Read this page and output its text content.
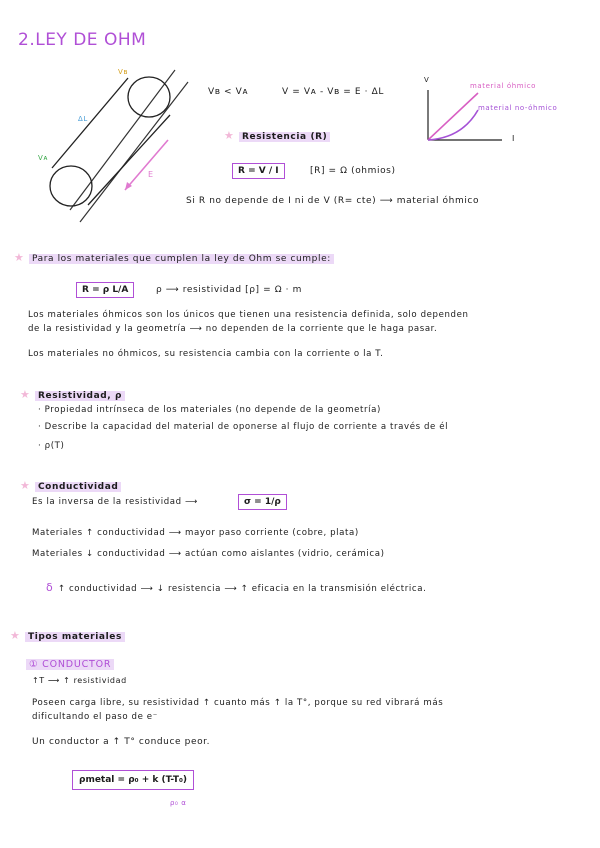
2.LEY DE OHM
Vʙ
Vᴀ
ΔL
E
Vʙ < Vᴀ	V = Vᴀ - Vʙ = E · ΔL
V
I
material óhmico
material no-óhmico
★ Resistencia (R)
R = V / I	[R] = Ω (ohmios)
Si R no depende de I ni de V (R= cte) ⟶ material óhmico
★ Para los materiales que cumplen la ley de Ohm se cumple:
R = ρ L/A	ρ ⟶ resistividad [ρ] = Ω · m
Los materiales óhmicos son los únicos que tienen una resistencia definida, solo dependen
de la resistividad y la geometría ⟶ no dependen de la corriente que le haga pasar.
Los materiales no óhmicos, su resistencia cambia con la corriente o la T.
★ Resistividad, ρ
· Propiedad intrínseca de los materiales (no depende de la geometría)
· Describe la capacidad del material de oponerse al flujo de corriente a través de él
· ρ(T)
★ Conductividad
Es la inversa de la resistividad ⟶	σ = 1/ρ
Materiales ↑ conductividad ⟶ mayor paso corriente (cobre, plata)
Materiales ↓ conductividad ⟶ actúan como aislantes (vidrio, cerámica)
δ ↑ conductividad ⟶ ↓ resistencia ⟶ ↑ eficacia en la transmisión eléctrica.
★ Tipos materiales
① CONDUCTOR
↑T ⟶ ↑ resistividad
Poseen carga libre, su resistividad ↑ cuanto más ↑ la T°, porque su red vibrará más
dificultando el paso de e⁻
Un conductor a ↑ T° conduce peor.
ρmetal = ρ₀ + k (T-T₀)
ρ₀ α
